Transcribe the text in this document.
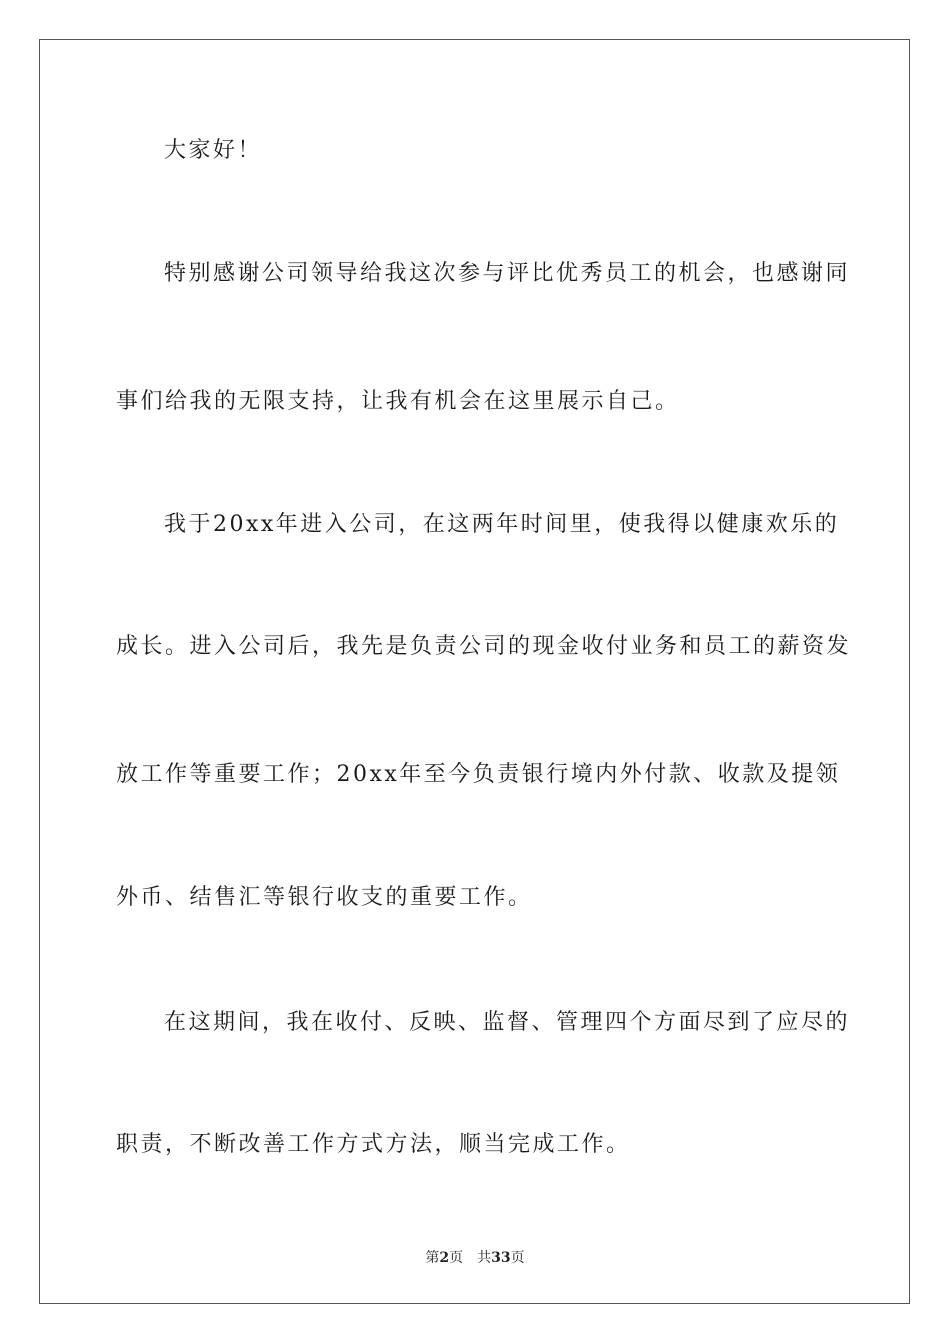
大家好！
特别感谢公司领导给我这次参与评比优秀员工的机会，也感谢同
事们给我的无限支持，让我有机会在这里展示自己。
我于20xx年进入公司，在这两年时间里，使我得以健康欢乐的
成长。进入公司后，我先是负责公司的现金收付业务和员工的薪资发
放工作等重要工作；20xx年至今负责银行境内外付款、收款及提领
外币、结售汇等银行收支的重要工作。
在这期间，我在收付、反映、监督、管理四个方面尽到了应尽的
职责，不断改善工作方式方法，顺当完成工作。
第2页 共33页
